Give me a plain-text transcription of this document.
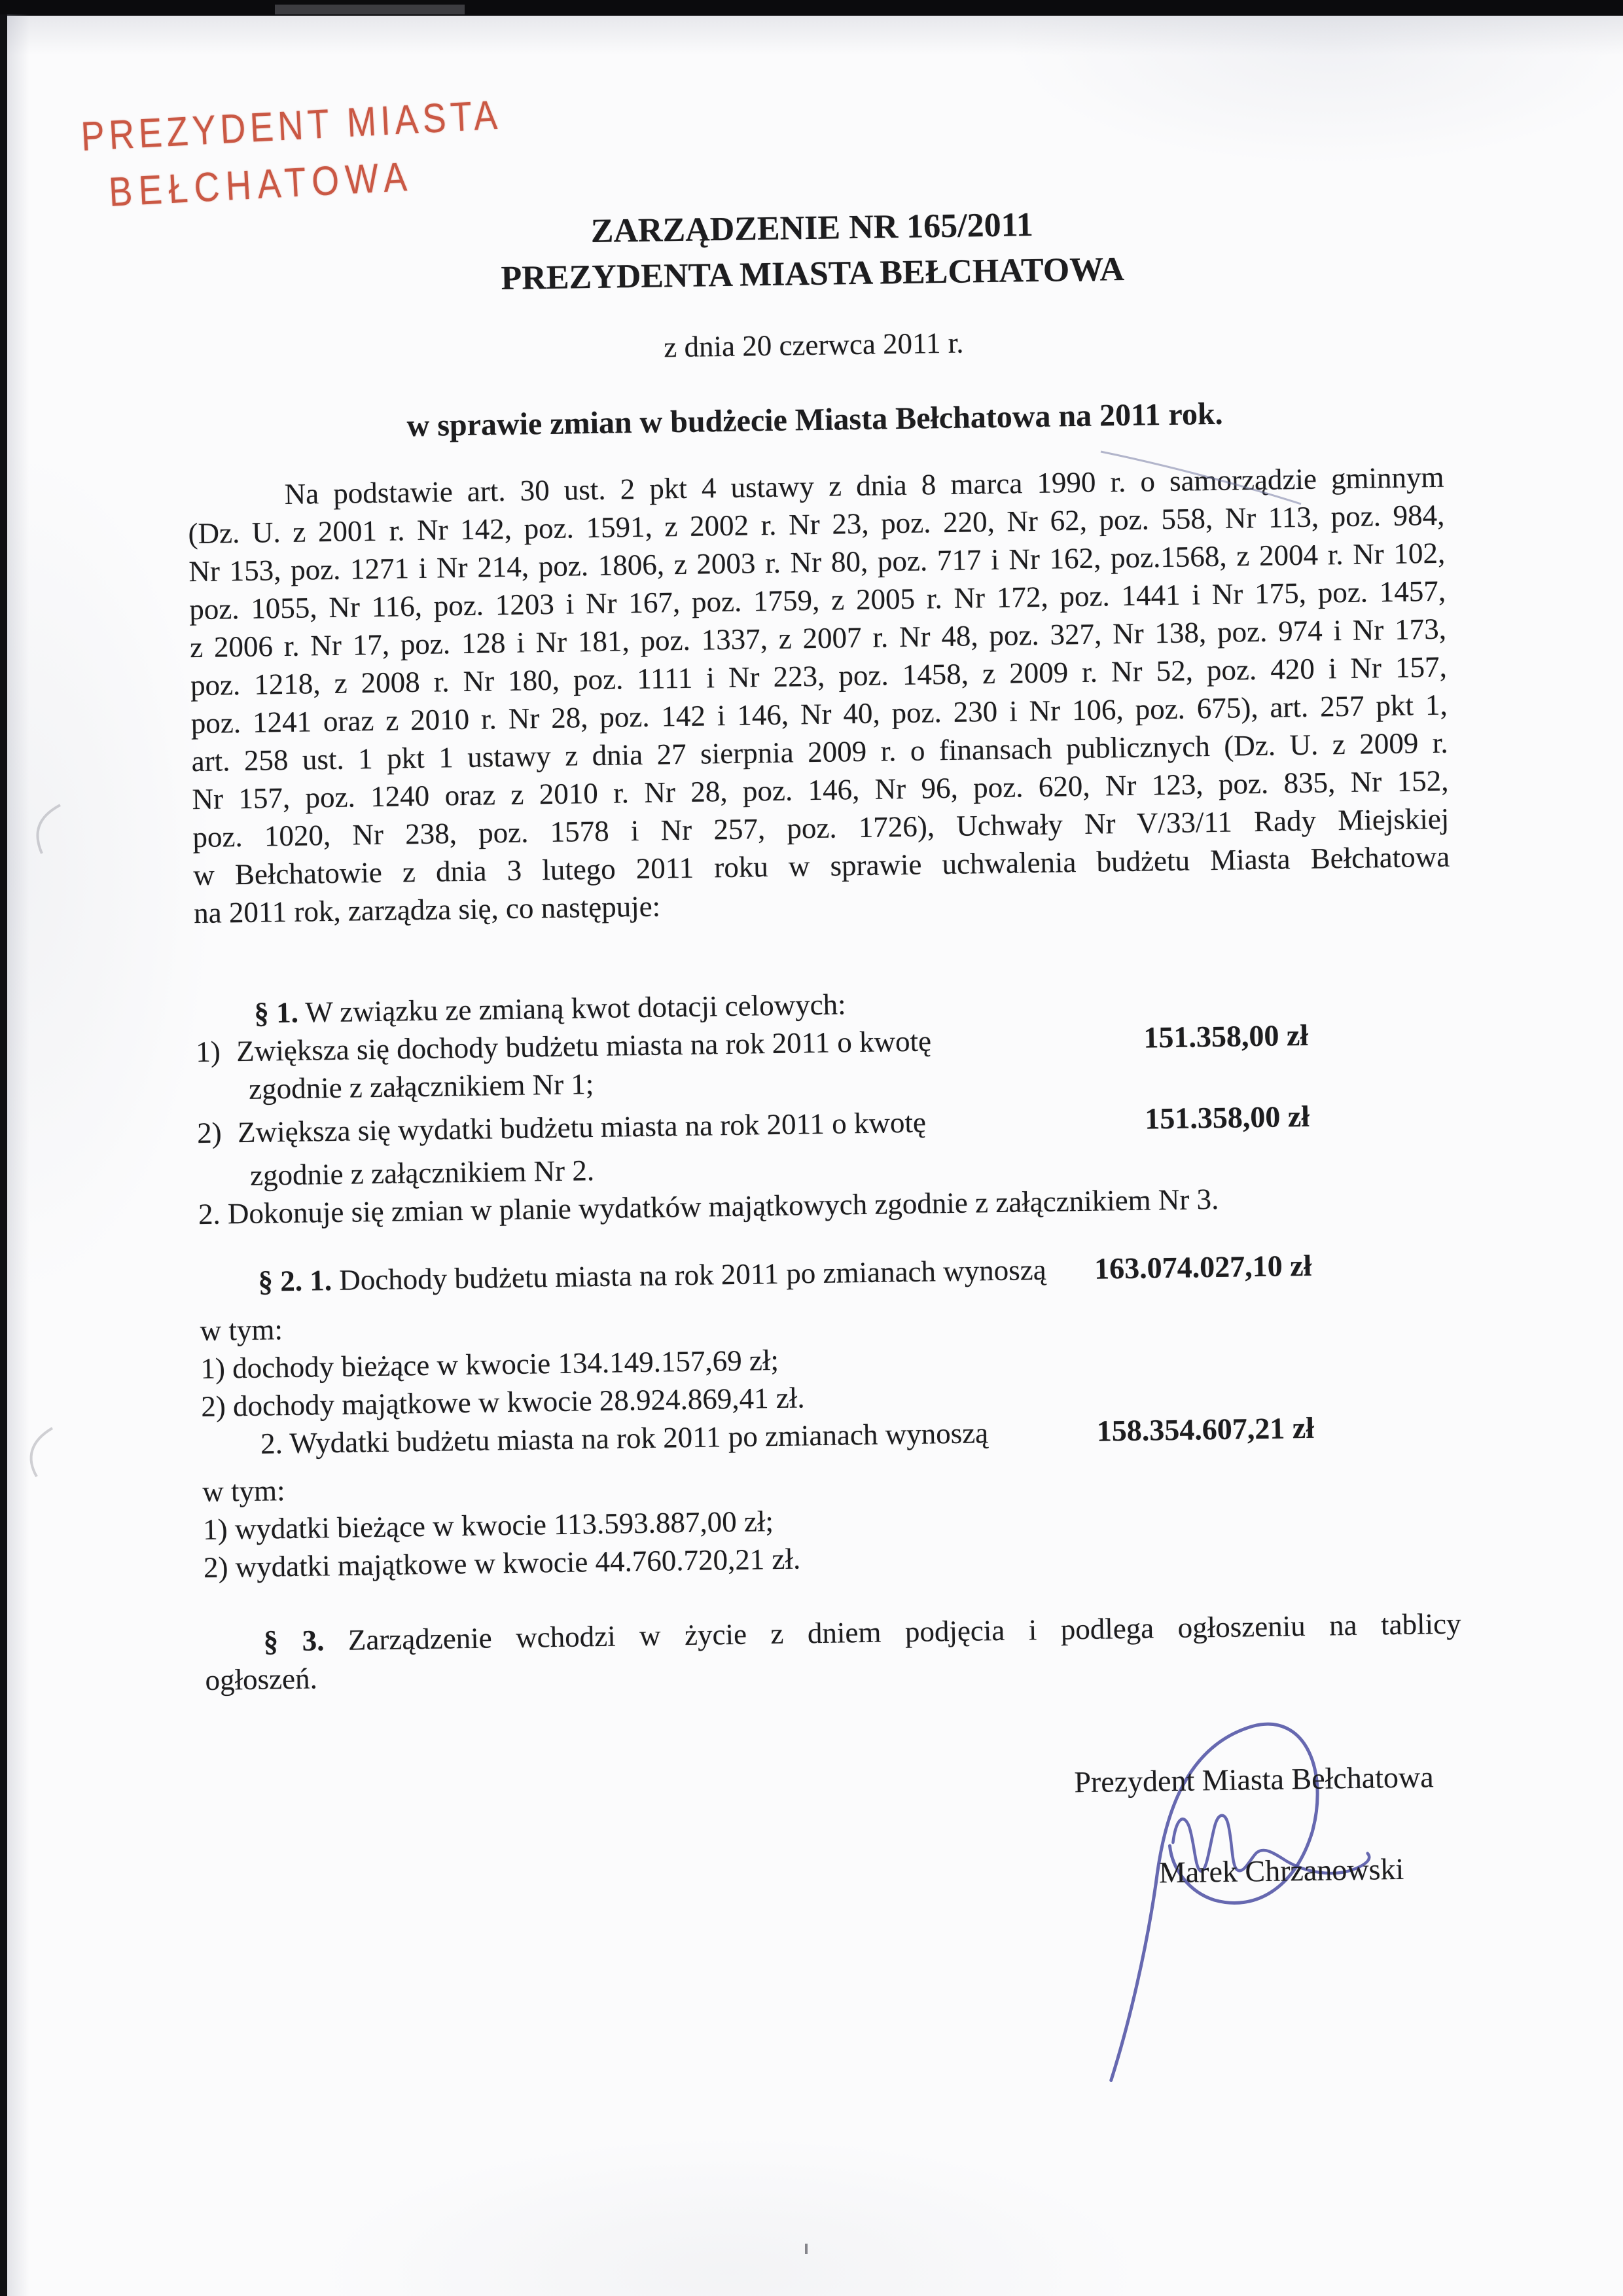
PREZYDENT MIASTA
BEŁCHATOWA
ZARZĄDZENIE NR 165/2011
PREZYDENTA MIASTA BEŁCHATOWA
z dnia 20 czerwca 2011 r.
w sprawie zmian w budżecie Miasta Bełchatowa na 2011 rok.
Na podstawie art. 30 ust. 2 pkt 4 ustawy z dnia 8 marca 1990 r. o samorządzie gminnym
(Dz. U. z 2001 r. Nr 142, poz. 1591, z 2002 r. Nr 23, poz. 220, Nr 62, poz. 558, Nr 113, poz. 984,
Nr 153, poz. 1271 i Nr 214, poz. 1806, z 2003 r. Nr 80, poz. 717 i Nr 162, poz.1568, z 2004 r. Nr 102,
poz. 1055, Nr 116, poz. 1203 i Nr 167, poz. 1759, z 2005 r. Nr 172, poz. 1441 i Nr 175, poz. 1457,
z 2006 r. Nr 17, poz. 128 i Nr 181, poz. 1337, z 2007 r. Nr 48, poz. 327, Nr 138, poz. 974 i Nr 173,
poz. 1218, z 2008 r. Nr 180, poz. 1111 i Nr 223, poz. 1458, z 2009 r. Nr 52, poz. 420 i Nr 157,
poz. 1241 oraz z 2010 r. Nr 28, poz. 142 i 146, Nr 40, poz. 230 i Nr 106, poz. 675), art. 257 pkt 1,
art. 258 ust. 1 pkt 1 ustawy z dnia 27 sierpnia 2009 r. o finansach publicznych (Dz. U. z 2009 r.
Nr 157, poz. 1240 oraz z 2010 r. Nr 28, poz. 146, Nr 96, poz. 620, Nr 123, poz. 835, Nr 152,
poz. 1020, Nr 238, poz. 1578 i Nr 257, poz. 1726), Uchwały Nr V/33/11 Rady Miejskiej
w Bełchatowie z dnia 3 lutego 2011 roku w sprawie uchwalenia budżetu Miasta Bełchatowa
na 2011 rok, zarządza się, co następuje:
§ 1. W związku ze zmianą kwot dotacji celowych:
1) Zwiększa się dochody budżetu miasta na rok 2011 o kwotę	151.358,00 zł
zgodnie z załącznikiem Nr 1;
2) Zwiększa się wydatki budżetu miasta na rok 2011 o kwotę	151.358,00 zł
zgodnie z załącznikiem Nr 2.
2. Dokonuje się zmian w planie wydatków majątkowych zgodnie z załącznikiem Nr 3.
§ 2. 1. Dochody budżetu miasta na rok 2011 po zmianach wynoszą	163.074.027,10 zł
w tym:
1) dochody bieżące w kwocie 134.149.157,69 zł;
2) dochody majątkowe w kwocie 28.924.869,41 zł.
2. Wydatki budżetu miasta na rok 2011 po zmianach wynoszą	158.354.607,21 zł
w tym:
1) wydatki bieżące w kwocie 113.593.887,00 zł;
2) wydatki majątkowe w kwocie 44.760.720,21 zł.
§ 3. Zarządzenie wchodzi w życie z dniem podjęcia i podlega ogłoszeniu na tablicy
ogłoszeń.
Prezydent Miasta Bełchatowa
Marek Chrzanowski
